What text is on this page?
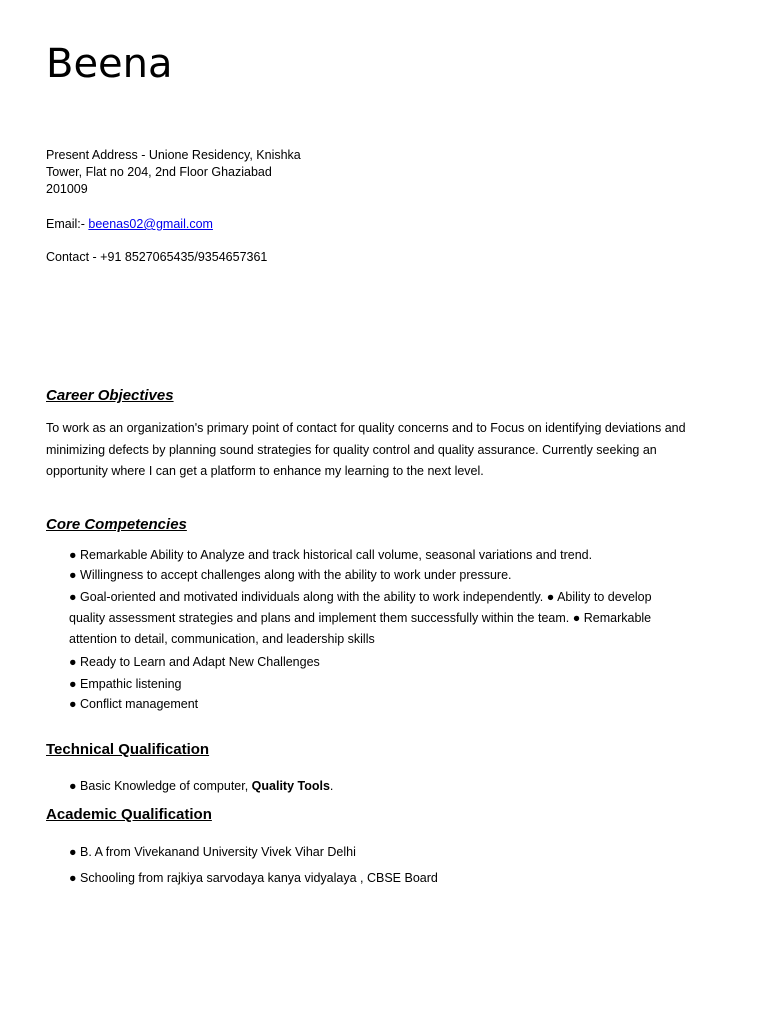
Beena
Present Address - Unione Residency, Knishka
Tower, Flat no 204, 2nd Floor Ghaziabad
201009
Email:- beenas02@gmail.com
Contact - +91 8527065435/9354657361
Career Objectives
To work as an organization's primary point of contact for quality concerns and to Focus on identifying deviations and
minimizing defects by planning sound strategies for quality control and quality assurance. Currently seeking an
opportunity where I can get a platform to enhance my learning to the next level.
Core Competencies
● Remarkable Ability to Analyze and track historical call volume, seasonal variations and trend.
● Willingness to accept challenges along with the ability to work under pressure.
● Goal-oriented and motivated individuals along with the ability to work independently. ● Ability to develop
quality assessment strategies and plans and implement them successfully within the team. ● Remarkable
attention to detail, communication, and leadership skills
● Ready to Learn and Adapt New Challenges
● Empathic listening
● Conflict management
Technical Qualification
● Basic Knowledge of computer, Quality Tools.
Academic Qualification
● B. A from Vivekanand University Vivek Vihar Delhi
● Schooling from rajkiya sarvodaya kanya vidyalaya , CBSE Board
